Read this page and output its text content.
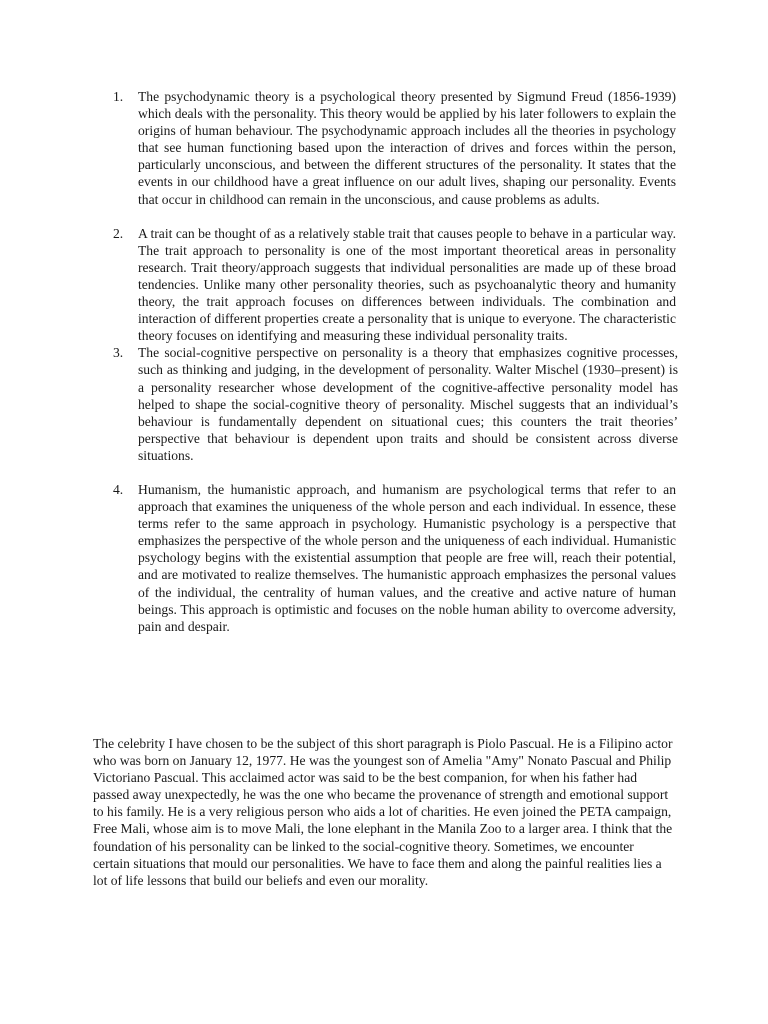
1. The psychodynamic theory is a psychological theory presented by Sigmund Freud (1856-1939) which deals with the personality. This theory would be applied by his later followers to explain the origins of human behaviour. The psychodynamic approach includes all the theories in psychology that see human functioning based upon the interaction of drives and forces within the person, particularly unconscious, and between the different structures of the personality. It states that the events in our childhood have a great influence on our adult lives, shaping our personality. Events that occur in childhood can remain in the unconscious, and cause problems as adults.
2. A trait can be thought of as a relatively stable trait that causes people to behave in a particular way. The trait approach to personality is one of the most important theoretical areas in personality research. Trait theory/approach suggests that individual personalities are made up of these broad tendencies. Unlike many other personality theories, such as psychoanalytic theory and humanity theory, the trait approach focuses on differences between individuals. The combination and interaction of different properties create a personality that is unique to everyone. The characteristic theory focuses on identifying and measuring these individual personality traits.
3. The social-cognitive perspective on personality is a theory that emphasizes cognitive processes, such as thinking and judging, in the development of personality. Walter Mischel (1930–present) is a personality researcher whose development of the cognitive-affective personality model has helped to shape the social-cognitive theory of personality. Mischel suggests that an individual’s behaviour is fundamentally dependent on situational cues; this counters the trait theories’ perspective that behaviour is dependent upon traits and should be consistent across diverse situations.
4. Humanism, the humanistic approach, and humanism are psychological terms that refer to an approach that examines the uniqueness of the whole person and each individual. In essence, these terms refer to the same approach in psychology. Humanistic psychology is a perspective that emphasizes the perspective of the whole person and the uniqueness of each individual. Humanistic psychology begins with the existential assumption that people are free will, reach their potential, and are motivated to realize themselves. The humanistic approach emphasizes the personal values of the individual, the centrality of human values, and the creative and active nature of human beings. This approach is optimistic and focuses on the noble human ability to overcome adversity, pain and despair.

The celebrity I have chosen to be the subject of this short paragraph is Piolo Pascual. He is a Filipino actor who was born on January 12, 1977. He was the youngest son of Amelia "Amy" Nonato Pascual and Philip Victoriano Pascual. This acclaimed actor was said to be the best companion, for when his father had passed away unexpectedly, he was the one who became the provenance of strength and emotional support to his family. He is a very religious person who aids a lot of charities. He even joined the PETA campaign, Free Mali, whose aim is to move Mali, the lone elephant in the Manila Zoo to a larger area. I think that the foundation of his personality can be linked to the social-cognitive theory. Sometimes, we encounter certain situations that mould our personalities. We have to face them and along the painful realities lies a lot of life lessons that build our beliefs and even our morality.
